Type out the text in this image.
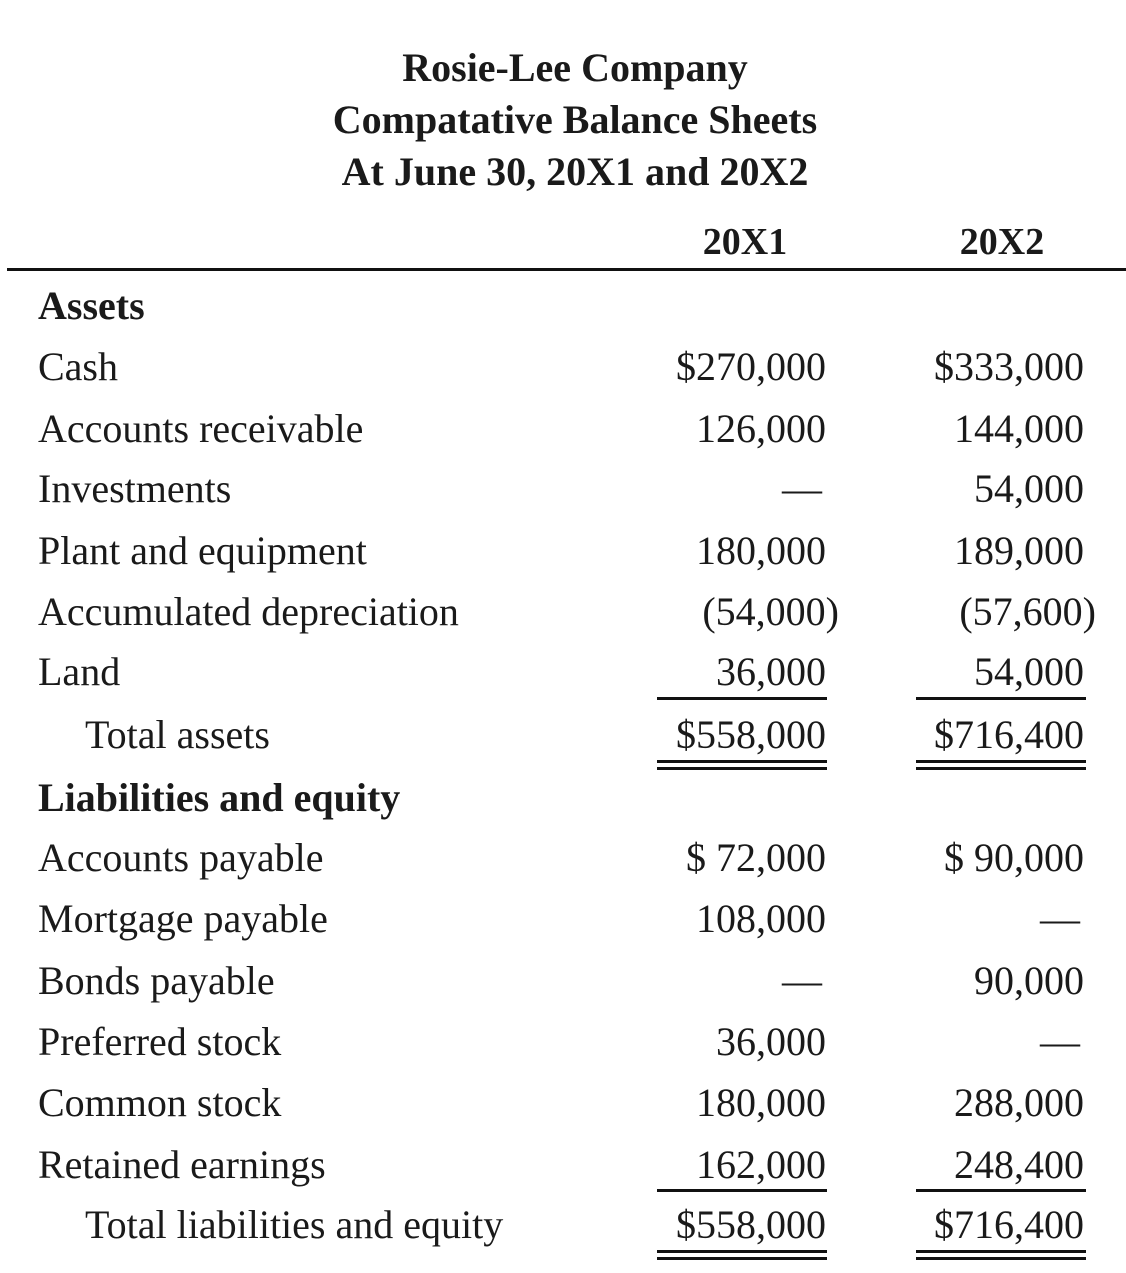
Rosie-Lee Company
Compatative Balance Sheets
At June 30, 20X1 and 20X2
20X1	20X2
Assets
Cash	$270,000	$333,000
Accounts receivable	126,000	144,000
Investments	—	54,000
Plant and equipment	180,000	189,000
Accumulated depreciation	(54,000)	(57,600)
Land	36,000	54,000
Total assets	$558,000	$716,400
Liabilities and equity
Accounts payable	$ 72,000	$ 90,000
Mortgage payable	108,000	—
Bonds payable	—	90,000
Preferred stock	36,000	—
Common stock	180,000	288,000
Retained earnings	162,000	248,400
Total liabilities and equity	$558,000	$716,400
